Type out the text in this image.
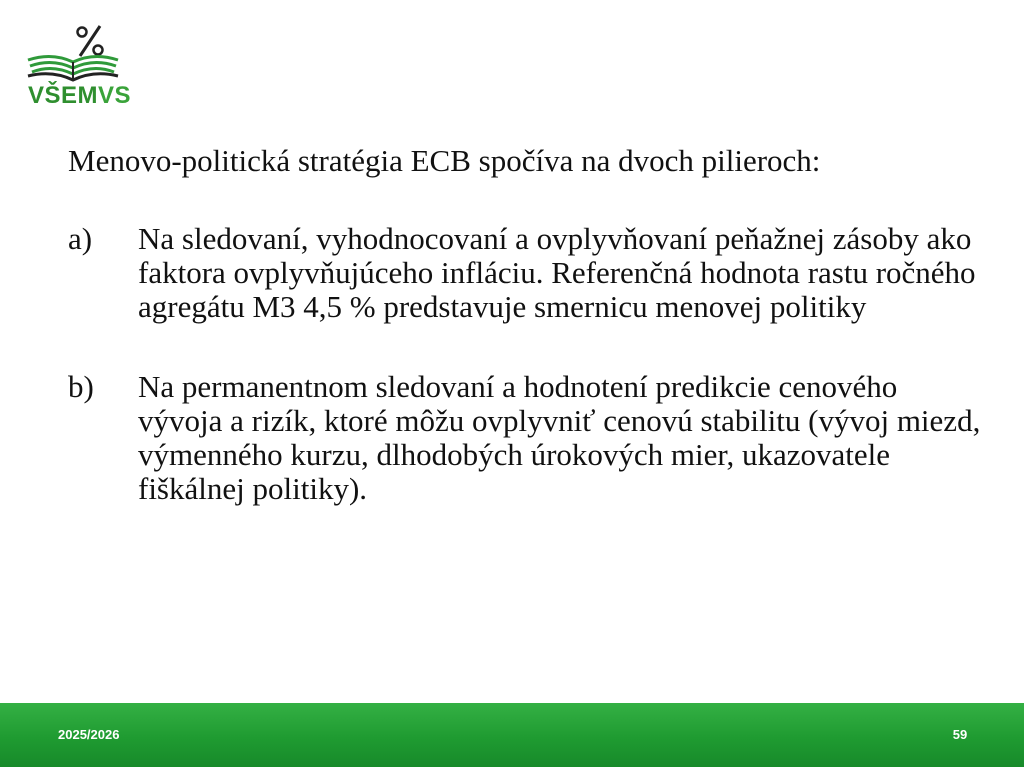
VŠEMVS
Menovo-politická stratégia ECB spočíva na dvoch pilieroch:
a) Na sledovaní, vyhodnocovaní a ovplyvňovaní peňažnej zásoby ako faktora ovplyvňujúceho infláciu. Referenčná hodnota rastu ročného agregátu M3 4,5 % predstavuje smernicu menovej politiky
b) Na permanentnom sledovaní a hodnotení predikcie cenového vývoja a rizík, ktoré môžu ovplyvniť cenovú stabilitu (vývoj miezd, výmenného kurzu, dlhodobých úrokových mier, ukazovatele fiškálnej politiky).
2025/2026	59
